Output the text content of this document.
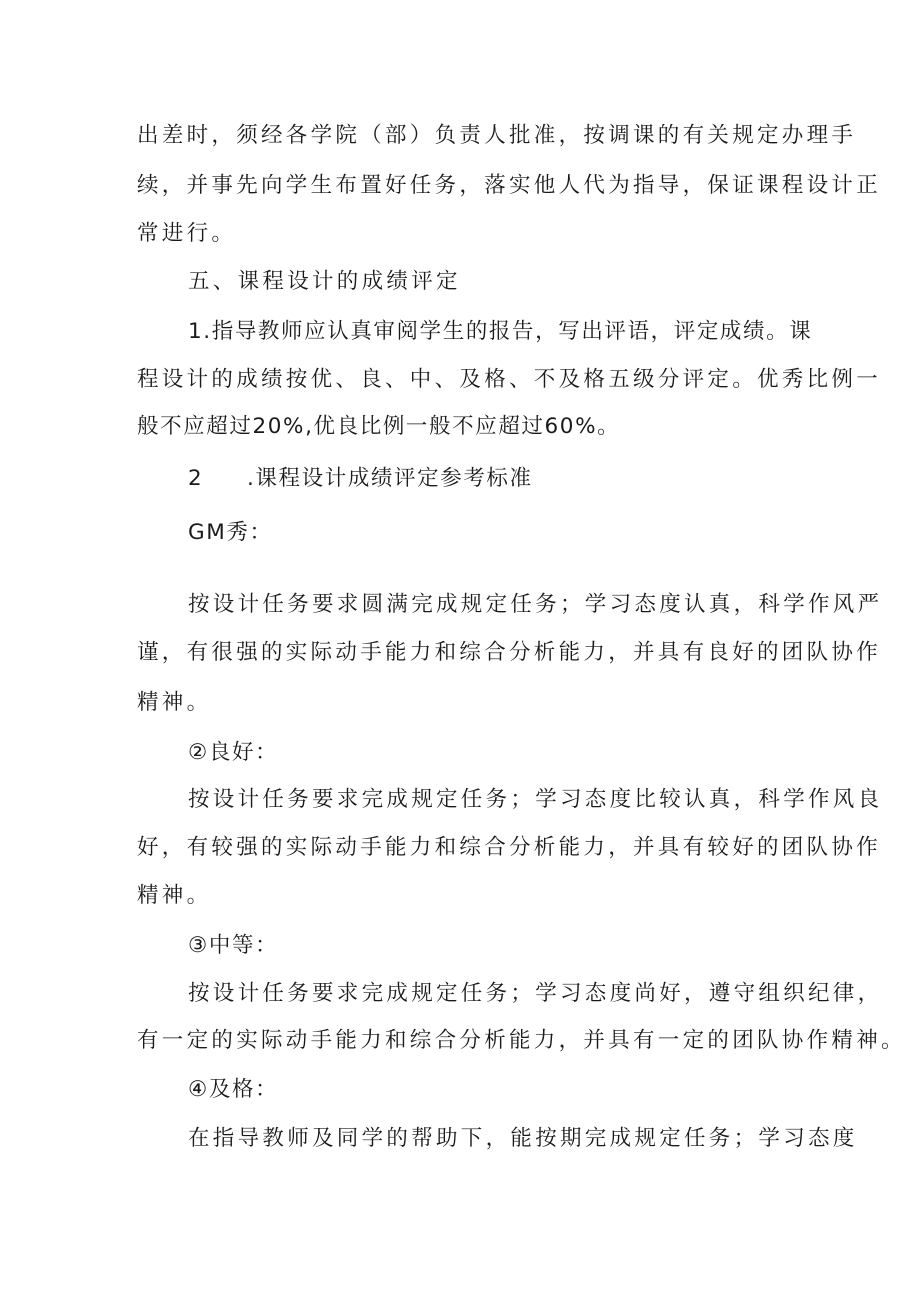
出差时，须经各学院（部）负责人批准，按调课的有关规定办理手
续，并事先向学生布置好任务，落实他人代为指导，保证课程设计正
常进行。
五、课程设计的成绩评定
1.指导教师应认真审阅学生的报告，写出评语，评定成绩。课
程设计的成绩按优、良、中、及格、不及格五级分评定。优秀比例一
般不应超过20%,优良比例一般不应超过60%。
2 .课程设计成绩评定参考标准
GM秀：
按设计任务要求圆满完成规定任务；学习态度认真，科学作风严
谨，有很强的实际动手能力和综合分析能力，并具有良好的团队协作
精神。
②良好：
按设计任务要求完成规定任务；学习态度比较认真，科学作风良
好，有较强的实际动手能力和综合分析能力，并具有较好的团队协作
精神。
③中等：
按设计任务要求完成规定任务；学习态度尚好，遵守组织纪律，
有一定的实际动手能力和综合分析能力，并具有一定的团队协作精神。
④及格：
在指导教师及同学的帮助下，能按期完成规定任务；学习态度
